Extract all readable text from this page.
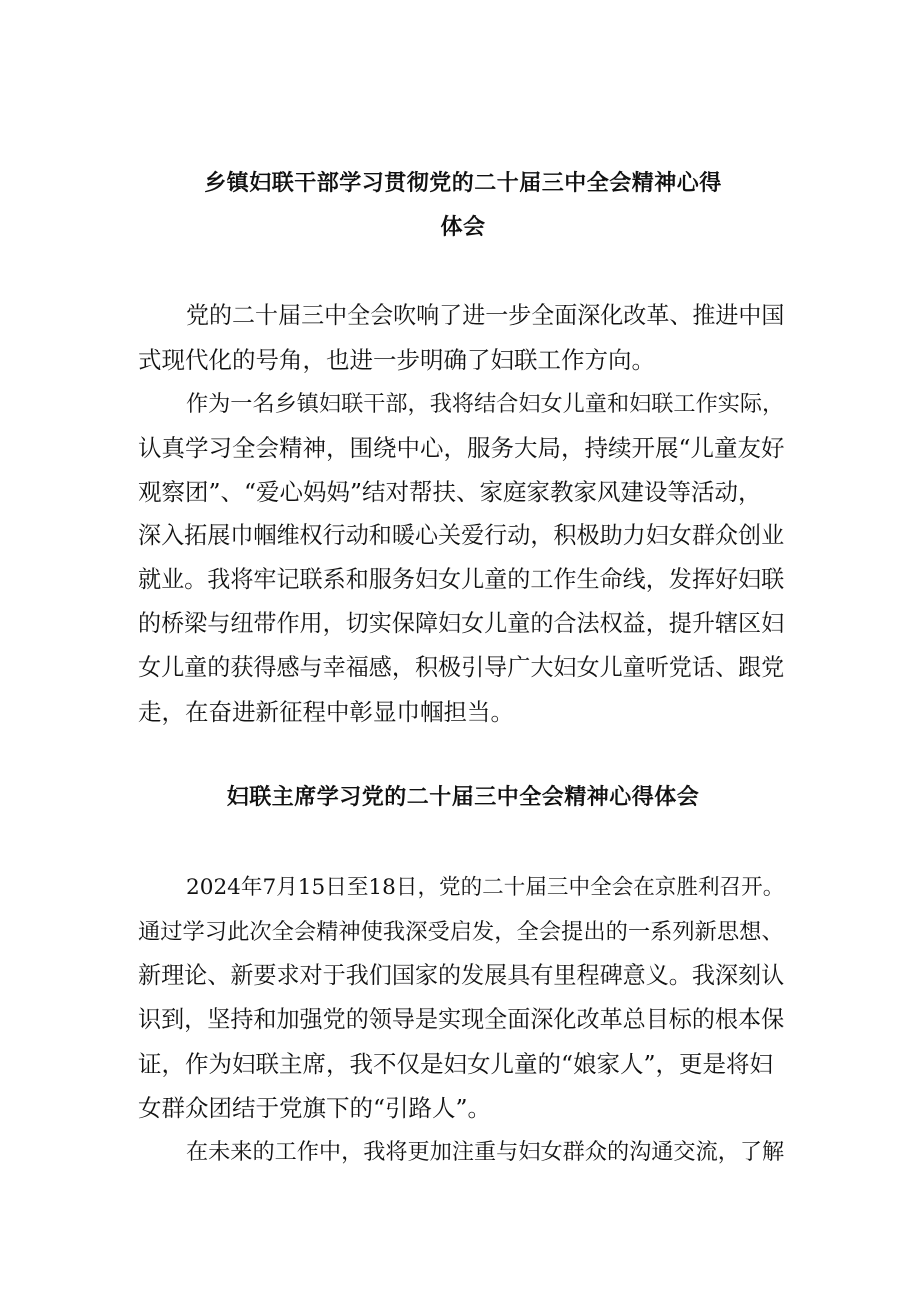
乡镇妇联干部学习贯彻党的二十届三中全会精神心得
体会
党的二十届三中全会吹响了进一步全面深化改革、推进中国
式现代化的号角，也进一步明确了妇联工作方向。
作为一名乡镇妇联干部，我将结合妇女儿童和妇联工作实际，
认真学习全会精神，围绕中心，服务大局，持续开展“儿童友好
观察团”、“爱心妈妈”结对帮扶、家庭家教家风建设等活动，
深入拓展巾帼维权行动和暖心关爱行动，积极助力妇女群众创业
就业。我将牢记联系和服务妇女儿童的工作生命线，发挥好妇联
的桥梁与纽带作用，切实保障妇女儿童的合法权益，提升辖区妇
女儿童的获得感与幸福感，积极引导广大妇女儿童听党话、跟党
走，在奋进新征程中彰显巾帼担当。
妇联主席学习党的二十届三中全会精神心得体会
2024年7月15日至18日，党的二十届三中全会在京胜利召开。
通过学习此次全会精神使我深受启发，全会提出的一系列新思想、
新理论、新要求对于我们国家的发展具有里程碑意义。我深刻认
识到，坚持和加强党的领导是实现全面深化改革总目标的根本保
证，作为妇联主席，我不仅是妇女儿童的“娘家人”，更是将妇
女群众团结于党旗下的“引路人”。
在未来的工作中，我将更加注重与妇女群众的沟通交流，了解
